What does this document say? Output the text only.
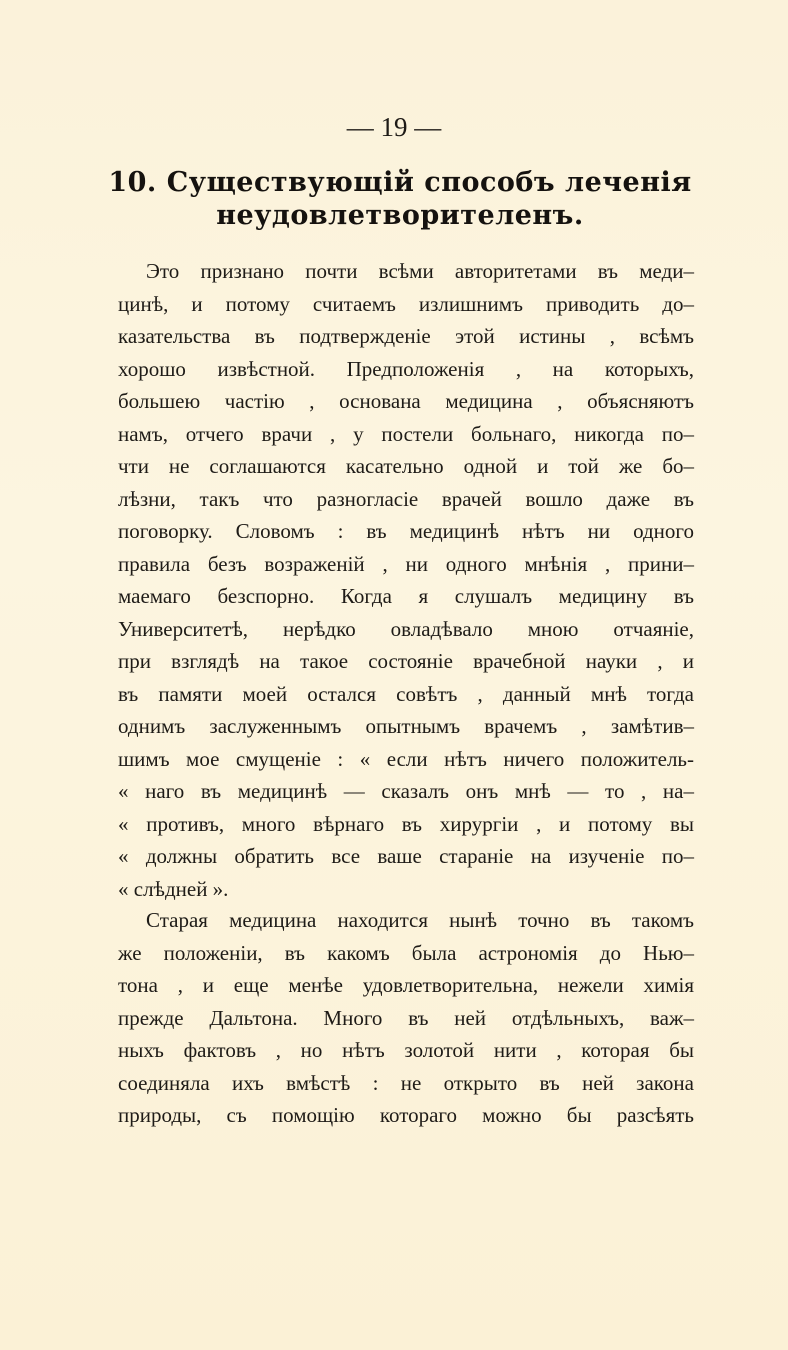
— 19 —
10. Существующій способъ леченія
неудовлетворителенъ.
Это признано почти всѣми авторитетами въ меди–
цинѣ, и потому считаемъ излишнимъ приводить до–
казательства въ подтвержденіе этой истины , всѣмъ
хорошо извѣстной. Предположенія , на которыхъ,
большею частію , основана медицина , объясняютъ
намъ, отчего врачи , у постели больнаго, никогда по–
чти не соглашаются касательно одной и той же бо–
лѣзни, такъ что разногласіе врачей вошло даже въ
поговорку. Словомъ : въ медицинѣ нѣтъ ни одного
правила безъ возраженій , ни одного мнѣнія , прини–
маемаго безспорно. Когда я слушалъ медицину въ
Университетѣ, нерѣдко овладѣвало мною отчаяніе,
при взглядѣ на такое состояніе врачебной науки , и
въ памяти моей остался совѣтъ , данный мнѣ тогда
однимъ заслуженнымъ опытнымъ врачемъ , замѣтив–
шимъ мое смущеніе : « если нѣтъ ничего положитель-
« наго въ медицинѣ — сказалъ онъ мнѣ — то , на–
« противъ, много вѣрнаго въ хирургіи , и потому вы
« должны обратить все ваше стараніе на изученіе по–
« слѣдней ».
Старая медицина находится нынѣ точно въ такомъ
же положеніи, въ какомъ была астрономія до Нью–
тона , и еще менѣе удовлетворительна, нежели химія
прежде Дальтона. Много въ ней отдѣльныхъ, важ–
ныхъ фактовъ , но нѣтъ золотой нити , которая бы
соединяла ихъ вмѣстѣ : не открыто въ ней закона
природы, съ помощію котораго можно бы разсѣять
